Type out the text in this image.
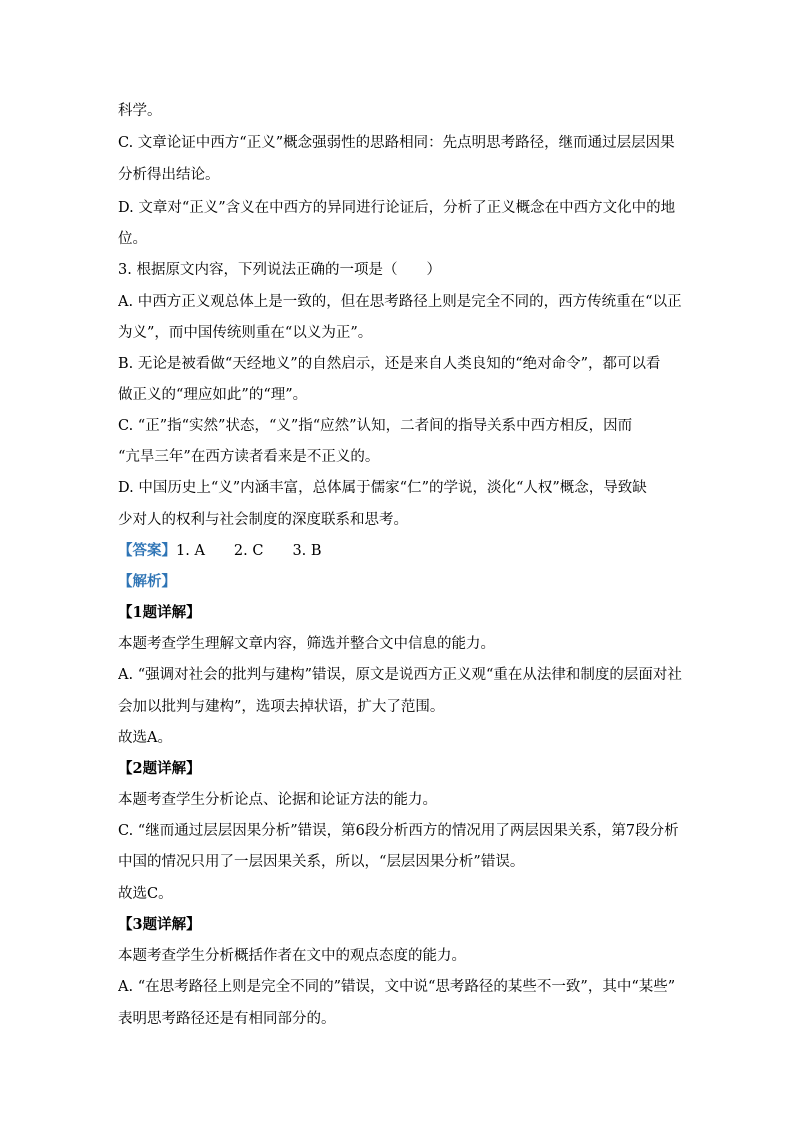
科学。
C. 文章论证中西方“正义”概念强弱性的思路相同：先点明思考路径，继而通过层层因果
分析得出结论。
D. 文章对“正义”含义在中西方的异同进行论证后，分析了正义概念在中西方文化中的地
位。
3. 根据原文内容，下列说法正确的一项是（　　）
A. 中西方正义观总体上是一致的，但在思考路径上则是完全不同的，西方传统重在“以正
为义”，而中国传统则重在“以义为正”。
B. 无论是被看做“天经地义”的自然启示，还是来自人类良知的“绝对命令”，都可以看
做正义的“理应如此”的“理”。
C. “正”指“实然”状态，“义”指“应然”认知，二者间的指导关系中西方相反，因而
“亢旱三年”在西方读者看来是不正义的。
D. 中国历史上“义”内涵丰富，总体属于儒家“仁”的学说，淡化“人权”概念，导致缺
少对人的权利与社会制度的深度联系和思考。
【答案】1. A　　2. C　　3. B
【解析】
【1题详解】
本题考查学生理解文章内容，筛选并整合文中信息的能力。
A. “强调对社会的批判与建构”错误，原文是说西方正义观“重在从法律和制度的层面对社
会加以批判与建构”，选项去掉状语，扩大了范围。
故选A。
【2题详解】
本题考查学生分析论点、论据和论证方法的能力。
C. “继而通过层层因果分析”错误，第6段分析西方的情况用了两层因果关系，第7段分析
中国的情况只用了一层因果关系，所以，“层层因果分析”错误。
故选C。
【3题详解】
本题考查学生分析概括作者在文中的观点态度的能力。
A. “在思考路径上则是完全不同的”错误，文中说“思考路径的某些不一致”，其中“某些”
表明思考路径还是有相同部分的。
